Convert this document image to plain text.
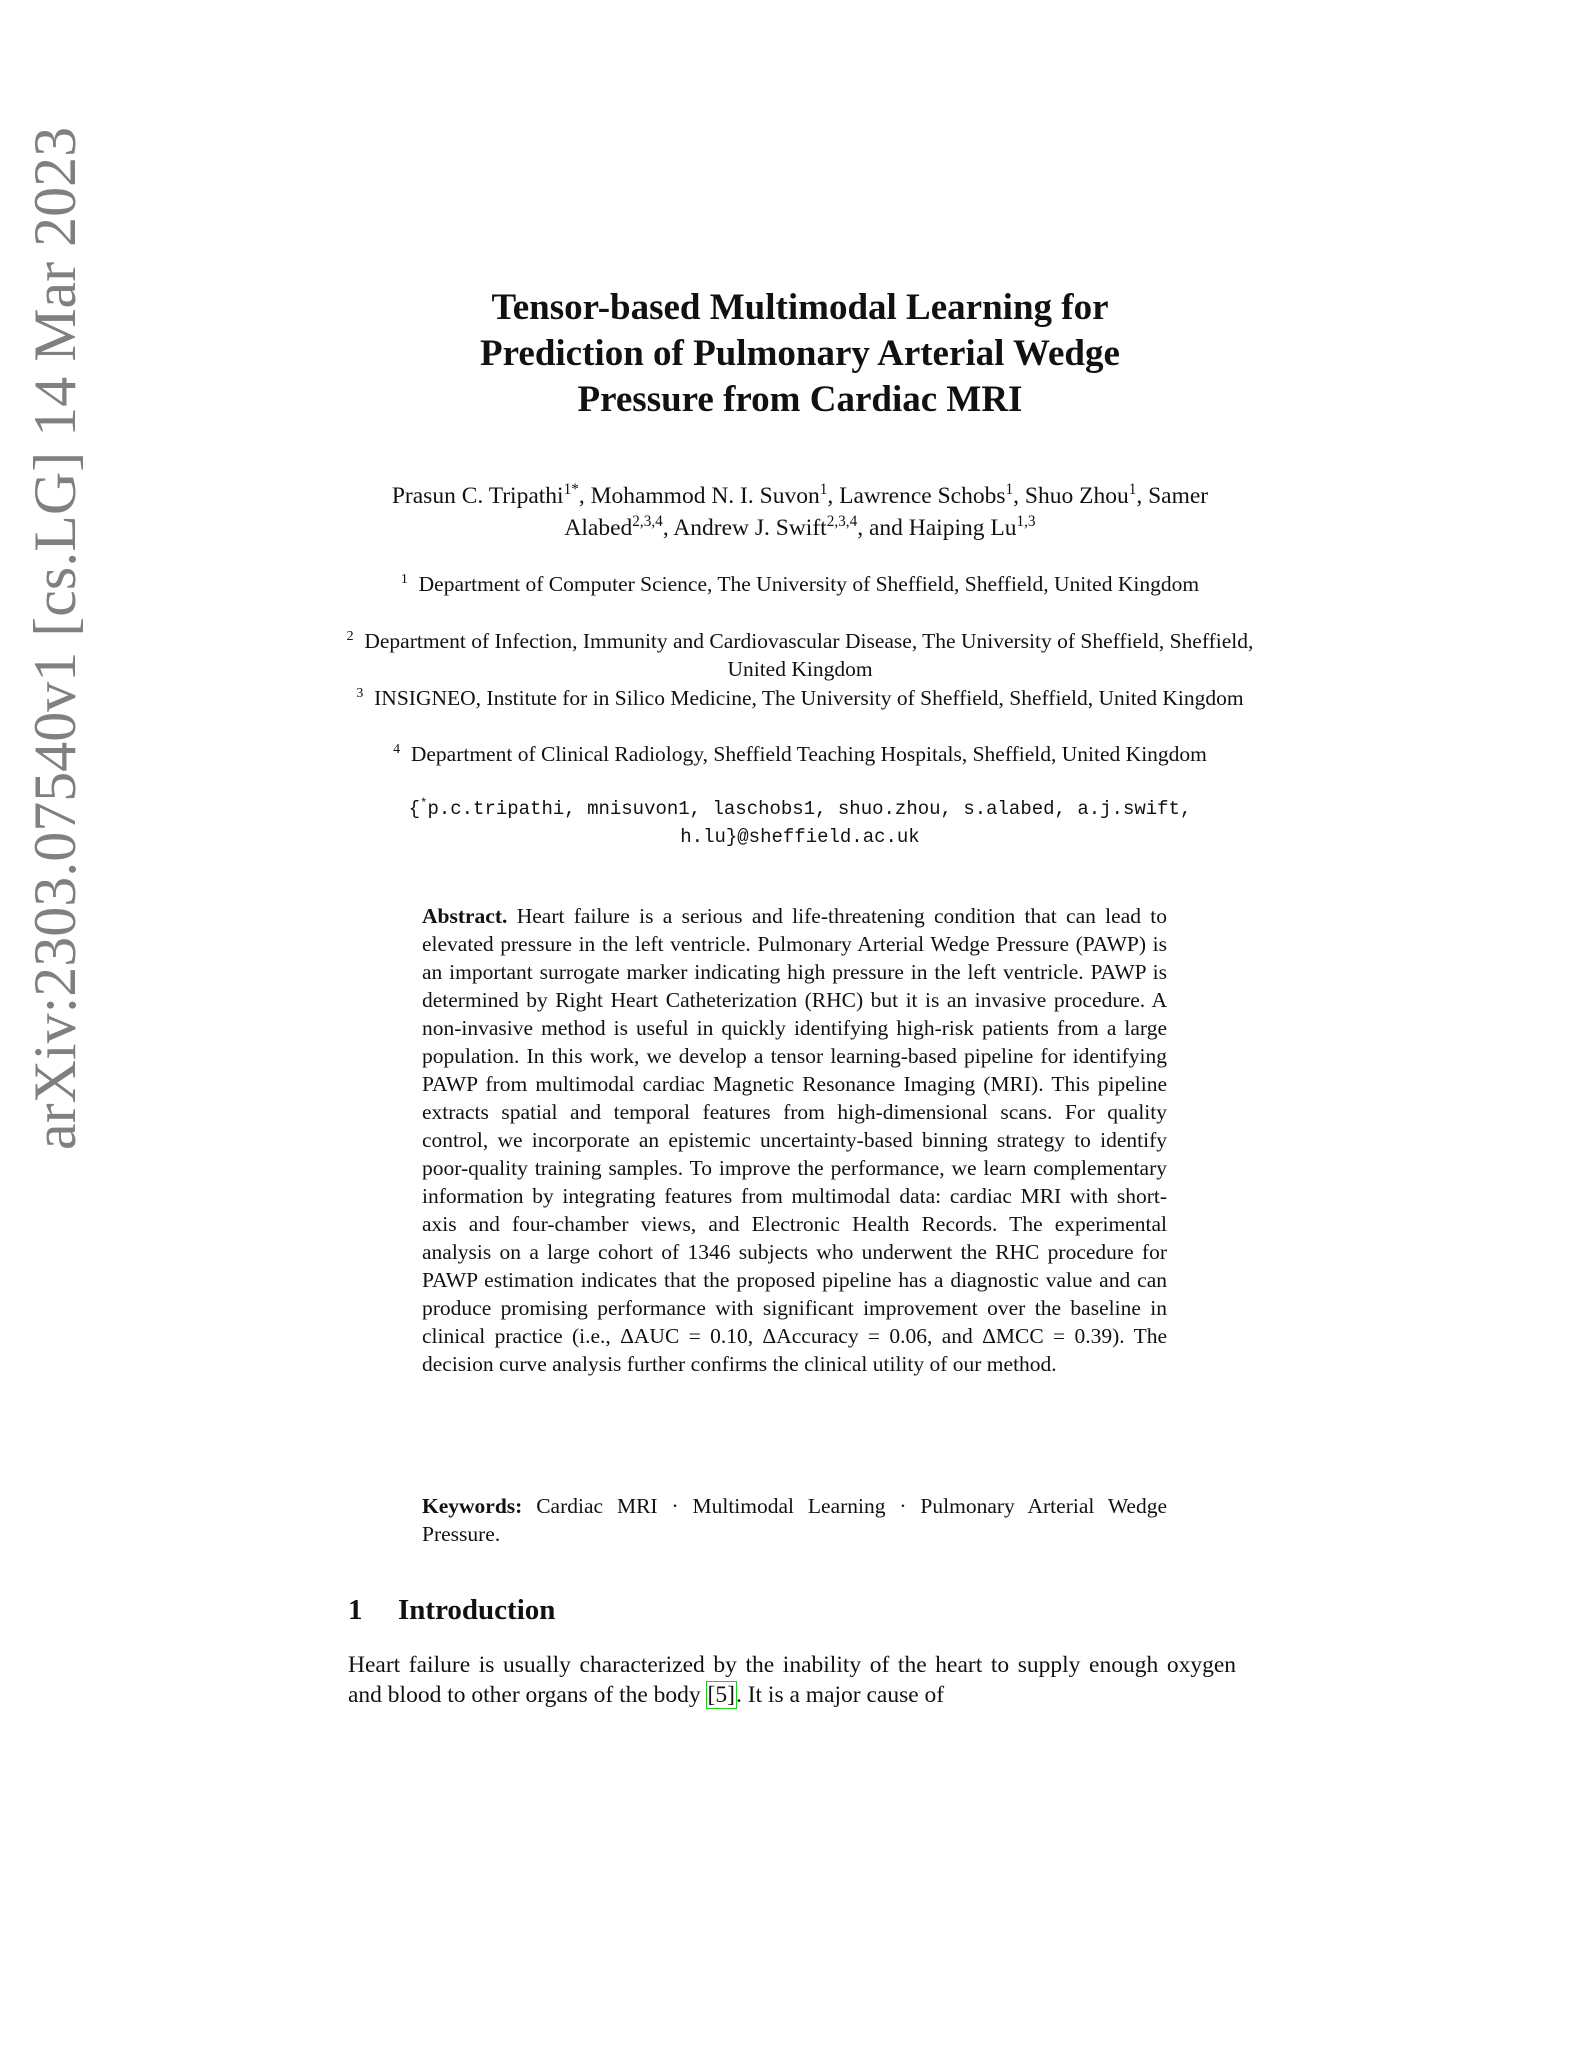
arXiv:2303.07540v1 [cs.LG] 14 Mar 2023	Tensor-based Multimodal Learning for
Prediction of Pulmonary Arterial Wedge
Pressure from Cardiac MRI
Prasun C. Tripathi$^{1*}$, Mohammod N. I. Suvon$^1$, Lawrence Schobs$^1$, Shuo Zhou$^1$, Samer Alabed$^{2,3,4}$, Andrew J. Swift$^{2,3,4}$, and Haiping Lu$^{1,3}$
$^1$ Department of Computer Science, The University of Sheffield, Sheffield, United Kingdom
$^2$ Department of Infection, Immunity and Cardiovascular Disease, The University of Sheffield, Sheffield, United Kingdom
$^3$ INSIGNEO, Institute for in Silico Medicine, The University of Sheffield, Sheffield, United Kingdom
$^4$ Department of Clinical Radiology, Sheffield Teaching Hospitals, Sheffield, United Kingdom
{*p.c.tripathi, mnisuvon1, laschobs1, shuo.zhou, s.alabed, a.j.swift, h.lu}@sheffield.ac.uk

Abstract. Heart failure is a serious and life-threatening condition that can lead to elevated pressure in the left ventricle. Pulmonary Arterial Wedge Pressure (PAWP) is an important surrogate marker indicating high pressure in the left ventricle. PAWP is determined by Right Heart Catheterization (RHC) but it is an invasive procedure. A non-invasive method is useful in quickly identifying high-risk patients from a large population. In this work, we develop a tensor learning-based pipeline for identifying PAWP from multimodal cardiac Magnetic Resonance Imaging (MRI). This pipeline extracts spatial and temporal features from high-dimensional scans. For quality control, we incorporate an epistemic uncertainty-based binning strategy to identify poor-quality training samples. To improve the performance, we learn complementary information by integrating features from multimodal data: cardiac MRI with short-axis and four-chamber views, and Electronic Health Records. The experimental analysis on a large cohort of 1346 subjects who underwent the RHC procedure for PAWP estimation indicates that the proposed pipeline has a diagnostic value and can produce promising performance with significant improvement over the baseline in clinical practice (i.e., ΔAUC = 0.10, ΔAccuracy = 0.06, and ΔMCC = 0.39). The decision curve analysis further confirms the clinical utility of our method.

Keywords: Cardiac MRI · Multimodal Learning · Pulmonary Arterial Wedge Pressure.

1 Introduction

Heart failure is usually characterized by the inability of the heart to supply enough oxygen and blood to other organs of the body [5]. It is a major cause of
